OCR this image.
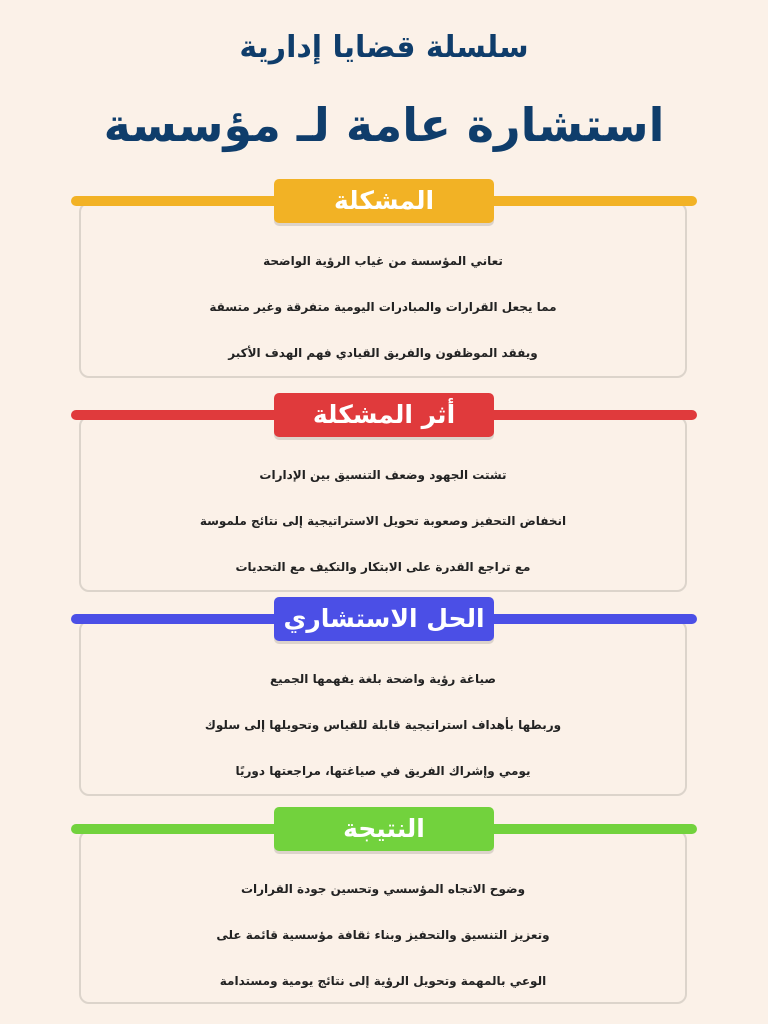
سلسلة قضايا إدارية
استشارة عامة لـ مؤسسة
تعاني المؤسسة من غياب الرؤية الواضحة
مما يجعل القرارات والمبادرات اليومية متفرقة وغير متسقة
ويفقد الموظفون والفريق القيادي فهم الهدف الأكبر
المشكلة
تشتت الجهود وضعف التنسيق بين الإدارات
انخفاض التحفيز وصعوبة تحويل الاستراتيجية إلى نتائج ملموسة
مع تراجع القدرة على الابتكار والتكيف مع التحديات
أثر المشكلة
صياغة رؤية واضحة بلغة يفهمها الجميع
وربطها بأهداف استراتيجية قابلة للقياس وتحويلها إلى سلوك
يومي وإشراك الفريق في صياغتها، مراجعتها دوريًا
الحل الاستشاري
وضوح الاتجاه المؤسسي وتحسين جودة القرارات
وتعزيز التنسيق والتحفيز وبناء ثقافة مؤسسية قائمة على
الوعي بالمهمة وتحويل الرؤية إلى نتائج يومية ومستدامة
النتيجة
